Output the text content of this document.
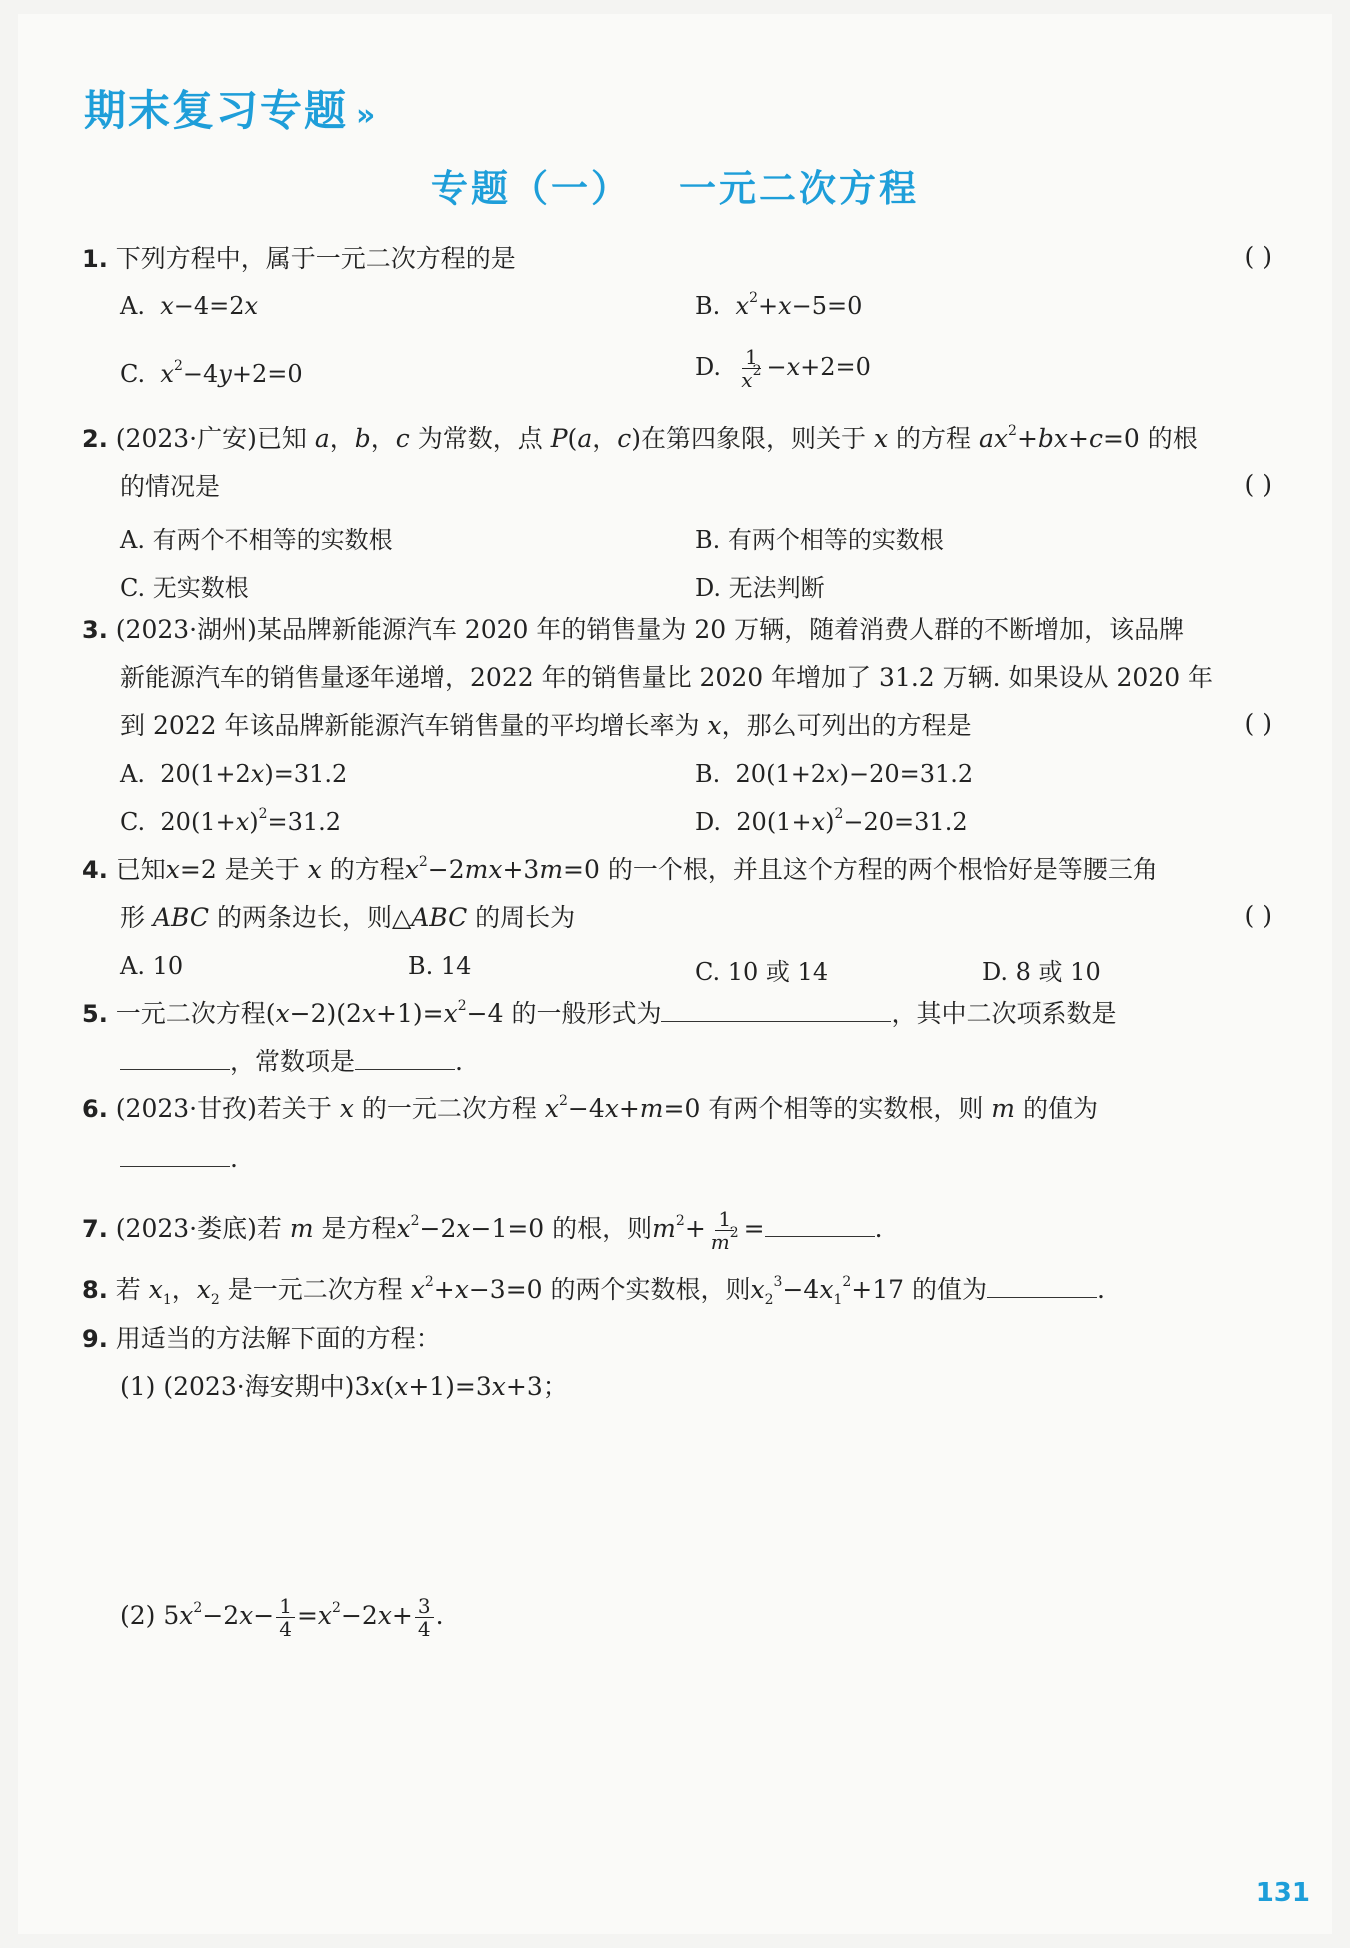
期末复习专题 »
专题（一） 一元二次方程
1. 下列方程中，属于一元二次方程的是	( )
A. x−4=2x	B. $x^2+x-5=0$
C. $x^2-4y+2=0$	D. $\frac{1}{x^2} -x+2=0$
2. (2023·广安)已知 a，b，c 为常数，点 P(a，c)在第四象限，则关于 x 的方程 $ax^2+bx+c=0$ 的根
的情况是	( )
A. 有两个不相等的实数根	B. 有两个相等的实数根
C. 无实数根	D. 无法判断
3. (2023·湖州)某品牌新能源汽车 2020 年的销售量为 20 万辆，随着消费人群的不断增加，该品牌
新能源汽车的销售量逐年递增，2022 年的销售量比 2020 年增加了 31.2 万辆. 如果设从 2020 年
到 2022 年该品牌新能源汽车销售量的平均增长率为 x，那么可列出的方程是	( )
A.  20(1+2x)=31.2	B.  20(1+2x)−20=31.2
C.  $20(1+x)^2=31.2$	D.  $20(1+x)^2-20=31.2$
4. 已知x=2 是关于 x 的方程$x^2-2mx+3m=0$ 的一个根，并且这个方程的两个根恰好是等腰三角
形 ABC 的两条边长，则△ABC 的周长为	( )
A. 10	B. 14	C. 10 或 14	D. 8 或 10
5. 一元二次方程$(x-2)(2x+1)=x^2-4$ 的一般形式为	，其中二次项系数是
，常数项是	.
6. (2023·甘孜)若关于 x 的一元二次方程 $x^2-4x+m=0$ 有两个相等的实数根，则 m 的值为
.
7. (2023·娄底)若 m 是方程$x^2-2x-1=0$ 的根，则$m^2+ \frac{1}{m^2}$ =	.
8. 若 $x_1$，$x_2$ 是一元二次方程 $x^2+x-3=0$ 的两个实数根，则$x_2^3-4x_1^2+17$ 的值为	.
9. 用适当的方法解下面的方程：
(1) (2023·海安期中)3x(x+1)=3x+3；
(2) $5x^2-2x- \frac{1}{4} =x^2-2x+ \frac{3}{4}$ .
131
